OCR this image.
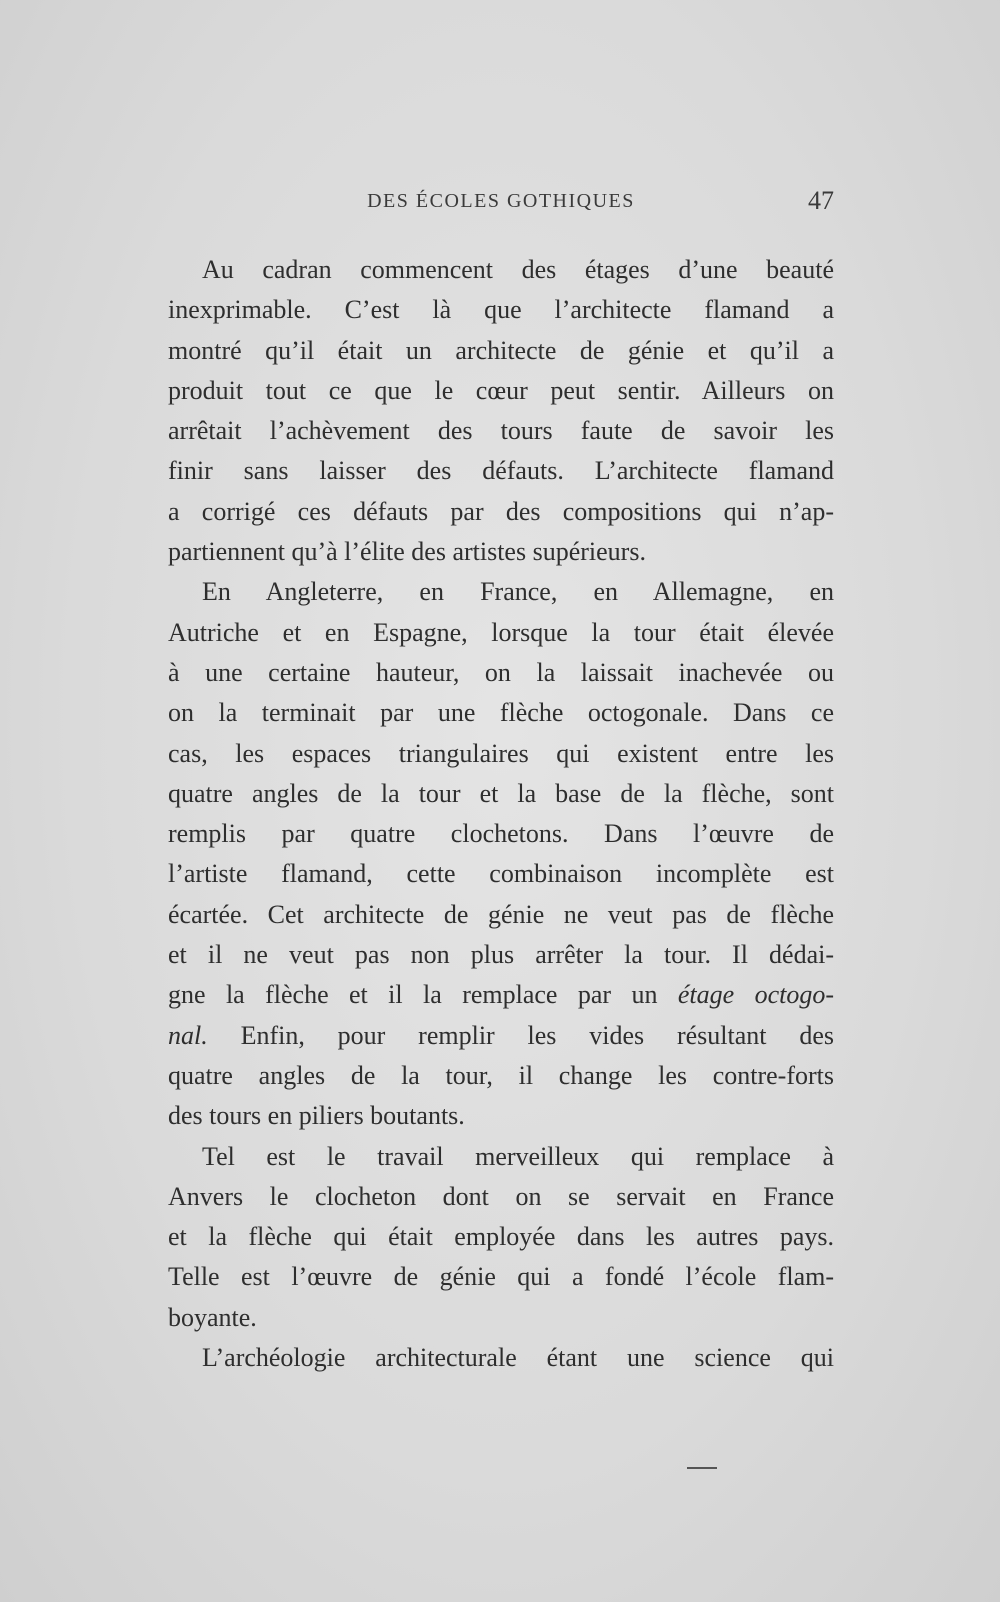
DES ÉCOLES GOTHIQUES	47
Au cadran commencent des étages d’une beauté
inexprimable. C’est là que l’architecte flamand a
montré qu’il était un architecte de génie et qu’il a
produit tout ce que le cœur peut sentir. Ailleurs on
arrêtait l’achèvement des tours faute de savoir les
finir sans laisser des défauts. L’architecte flamand
a corrigé ces défauts par des compositions qui n’ap-
partiennent qu’à l’élite des artistes supérieurs.
En Angleterre, en France, en Allemagne, en
Autriche et en Espagne, lorsque la tour était élevée
à une certaine hauteur, on la laissait inachevée ou
on la terminait par une flèche octogonale. Dans ce
cas, les espaces triangulaires qui existent entre les
quatre angles de la tour et la base de la flèche, sont
remplis par quatre clochetons. Dans l’œuvre de
l’artiste flamand, cette combinaison incomplète est
écartée. Cet architecte de génie ne veut pas de flèche
et il ne veut pas non plus arrêter la tour. Il dédai-
gne la flèche et il la remplace par un étage octogo-
nal. Enfin, pour remplir les vides résultant des
quatre angles de la tour, il change les contre-forts
des tours en piliers boutants.
Tel est le travail merveilleux qui remplace à
Anvers le clocheton dont on se servait en France
et la flèche qui était employée dans les autres pays.
Telle est l’œuvre de génie qui a fondé l’école flam-
boyante.
L’archéologie architecturale étant une science qui
